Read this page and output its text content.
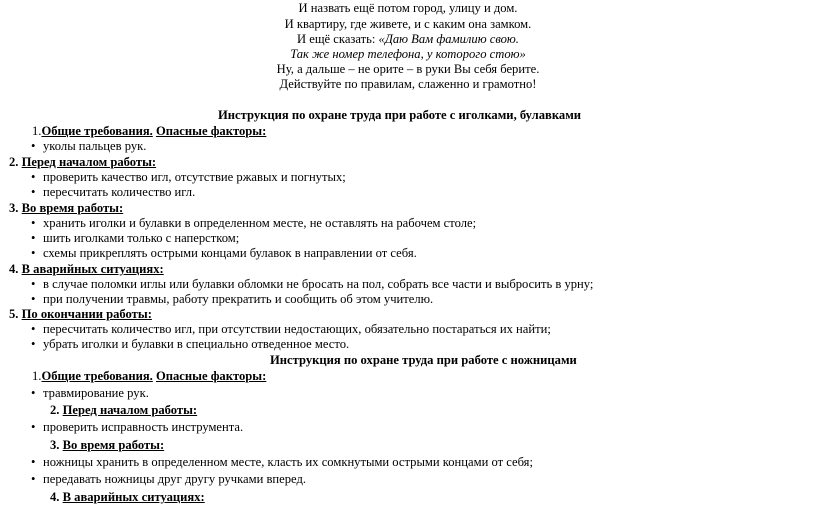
И назвать ещё потом город, улицу и дом.
И квартиру, где живете, и с каким она замком.
И ещё сказать: «Даю Вам фамилию свою.
Так же номер телефона, у которого стою»
Ну, а дальше – не орите – в руки Вы себя берите.
Действуйте по правилам, слаженно и грамотно!
Инструкция по охране труда при работе с иголками, булавками
1.Общие требования. Опасные факторы:
• уколы пальцев рук.
2. Перед началом работы:
• проверить качество игл, отсутствие ржавых и погнутых;
• пересчитать количество игл.
3. Во время работы:
• хранить иголки и булавки в определенном месте, не оставлять на рабочем столе;
• шить иголками только с наперстком;
• схемы прикреплять острыми концами булавок в направлении от себя.
4. В аварийных ситуациях:
• в случае поломки иглы или булавки обломки не бросать на пол, собрать все части и выбросить в урну;
• при получении травмы, работу прекратить и сообщить об этом учителю.
5. По окончании работы:
• пересчитать количество игл, при отсутствии недостающих, обязательно постараться их найти;
• убрать иголки и булавки в специально отведенное место.
Инструкция по охране труда при работе с ножницами
1.Общие требования. Опасные факторы:
• травмирование рук.
2. Перед началом работы:
• проверить исправность инструмента.
3. Во время работы:
• ножницы хранить в определенном месте, класть их сомкнутыми острыми концами от себя;
• передавать ножницы друг другу ручками вперед.
4. В аварийных ситуациях:
